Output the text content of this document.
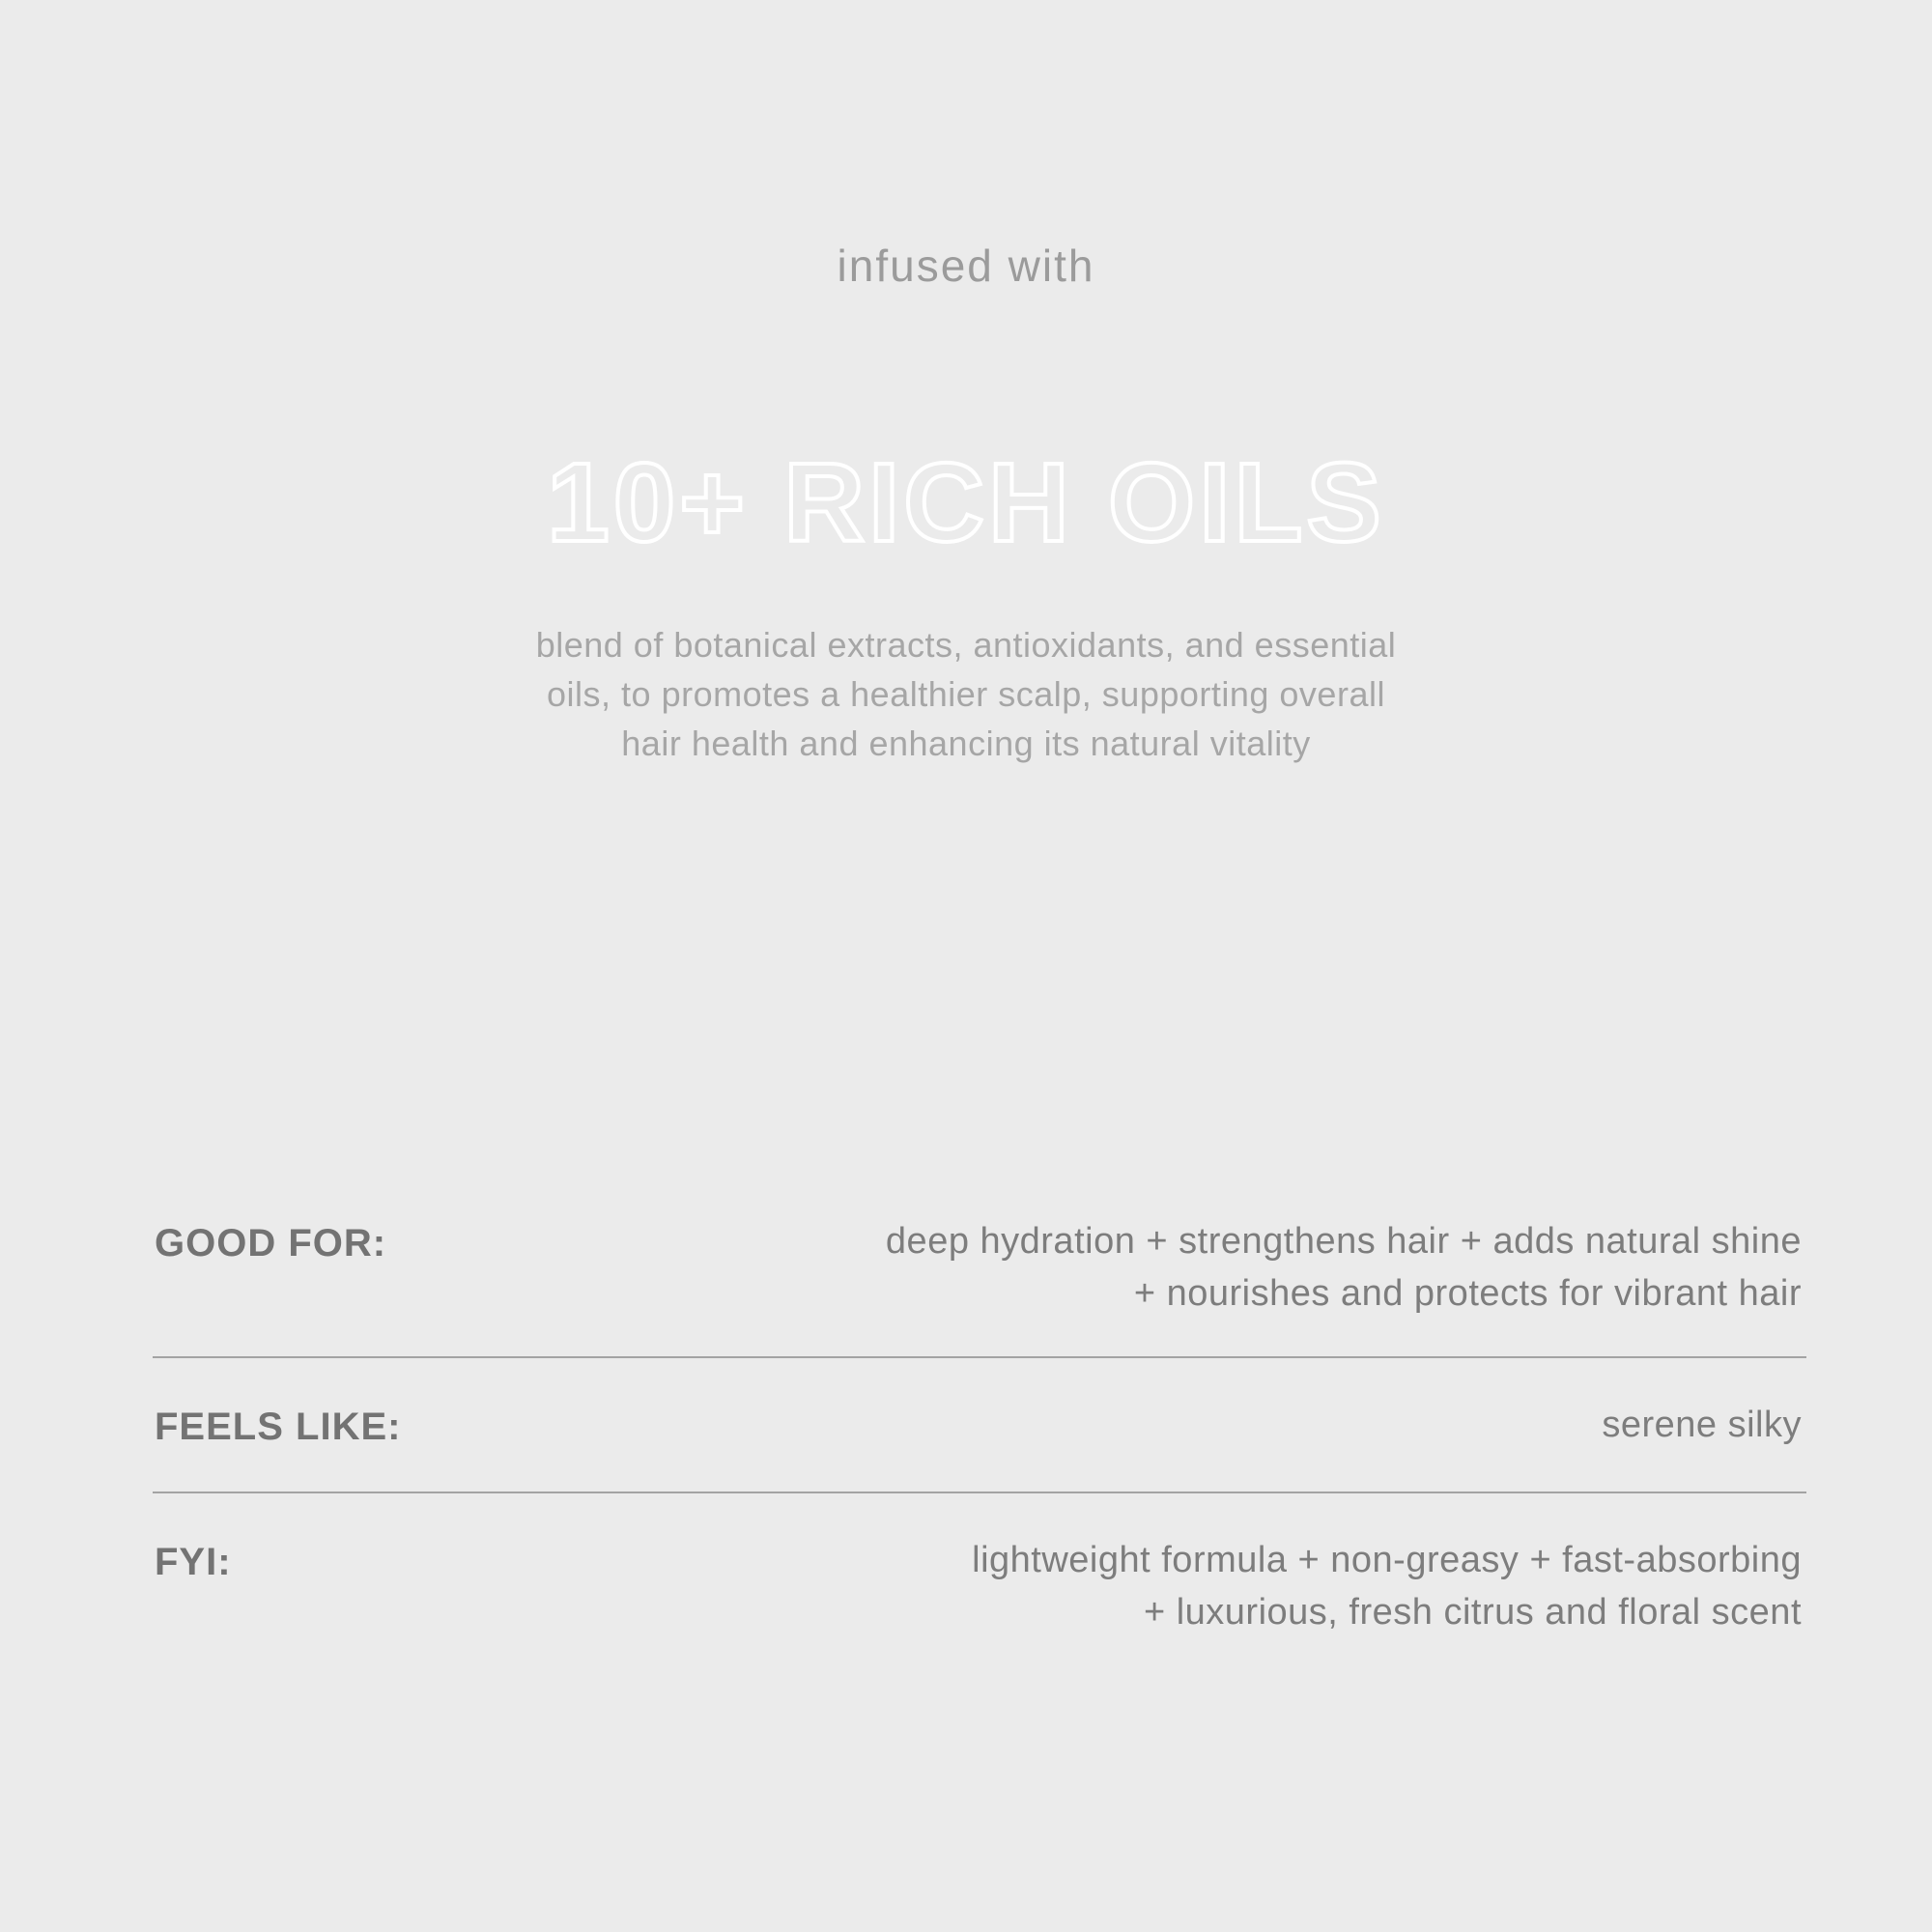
infused with
10+ RICH OILS
blend of botanical extracts, antioxidants, and essential
oils, to promotes a healthier scalp, supporting overall
hair health and enhancing its natural vitality
GOOD FOR:	deep hydration + strengthens hair + adds natural shine
+ nourishes and protects for vibrant hair
FEELS LIKE:	serene silky
FYI:	lightweight formula + non-greasy + fast-absorbing
+ luxurious, fresh citrus and floral scent
